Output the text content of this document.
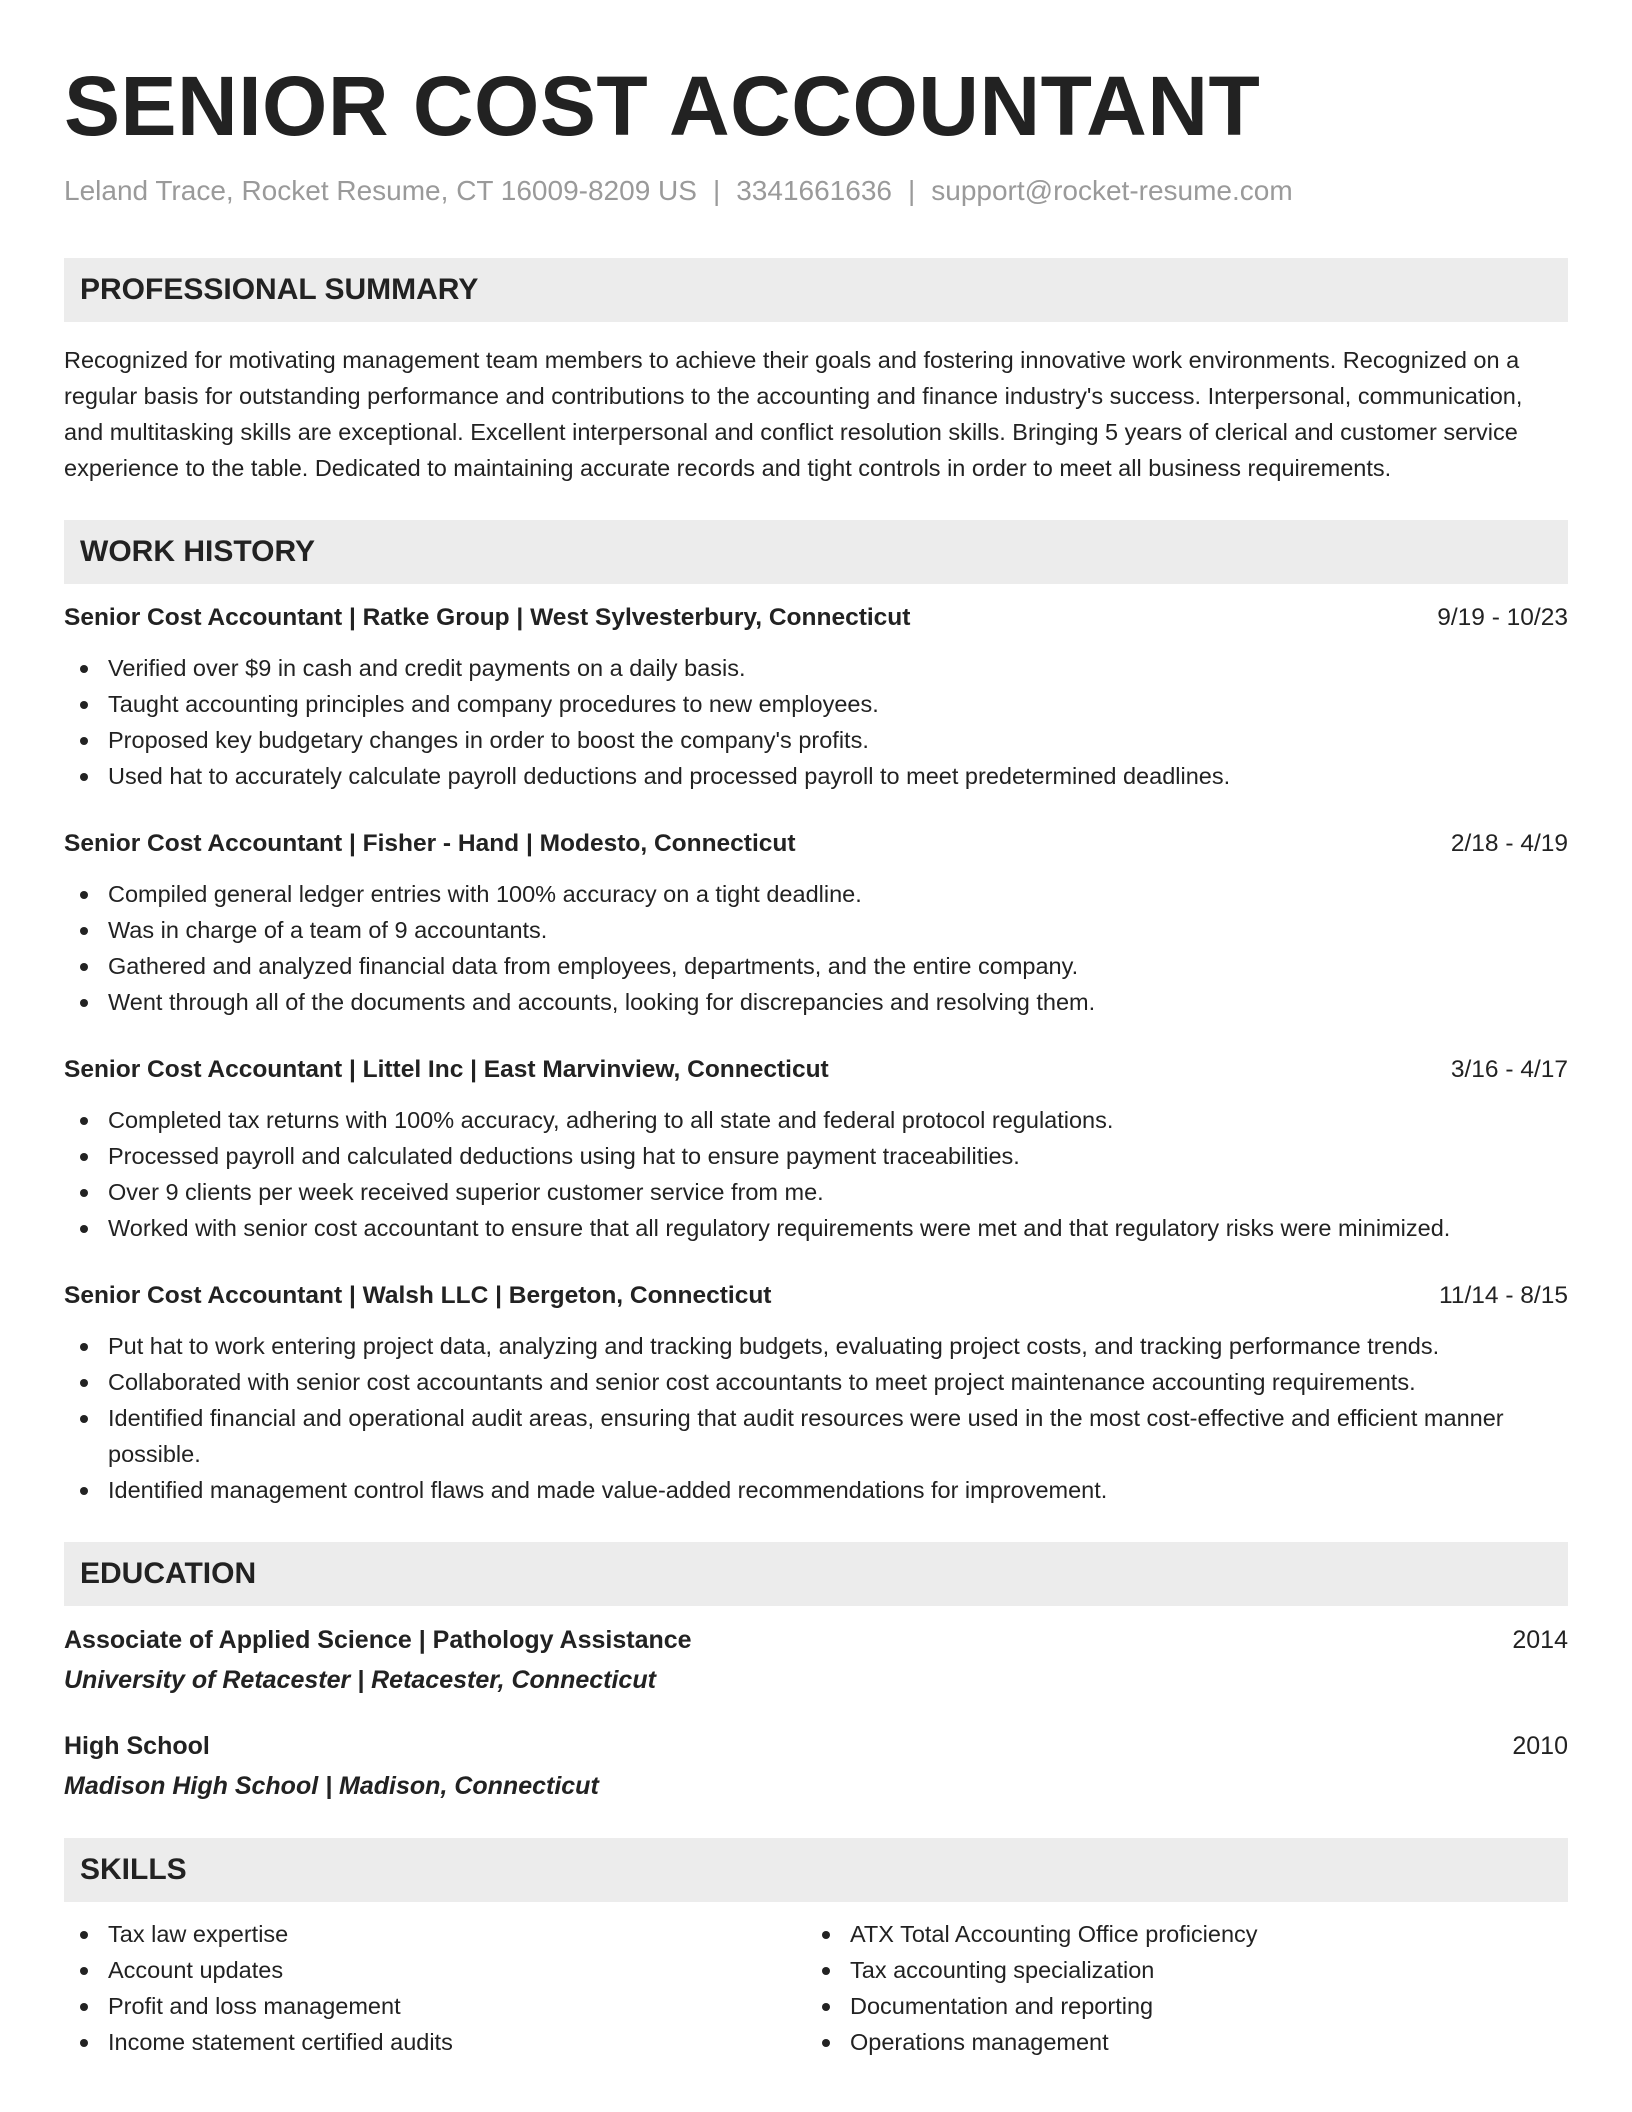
SENIOR COST ACCOUNTANT
Leland Trace, Rocket Resume, CT 16009-8209 US | 3341661636 | support@rocket-resume.com
PROFESSIONAL SUMMARY

Recognized for motivating management team members to achieve their goals and fostering innovative work environments. Recognized on a regular basis for outstanding performance and contributions to the accounting and finance industry's success. Interpersonal, communication, and multitasking skills are exceptional. Excellent interpersonal and conflict resolution skills. Bringing 5 years of clerical and customer service experience to the table. Dedicated to maintaining accurate records and tight controls in order to meet all business requirements.

WORK HISTORY
Senior Cost Accountant | Ratke Group | West Sylvesterbury, Connecticut	9/19 - 10/23
Verified over $9 in cash and credit payments on a daily basis.
Taught accounting principles and company procedures to new employees.
Proposed key budgetary changes in order to boost the company's profits.
Used hat to accurately calculate payroll deductions and processed payroll to meet predetermined deadlines.
Senior Cost Accountant | Fisher - Hand | Modesto, Connecticut	2/18 - 4/19
Compiled general ledger entries with 100% accuracy on a tight deadline.
Was in charge of a team of 9 accountants.
Gathered and analyzed financial data from employees, departments, and the entire company.
Went through all of the documents and accounts, looking for discrepancies and resolving them.
Senior Cost Accountant | Littel Inc | East Marvinview, Connecticut	3/16 - 4/17
Completed tax returns with 100% accuracy, adhering to all state and federal protocol regulations.
Processed payroll and calculated deductions using hat to ensure payment traceabilities.
Over 9 clients per week received superior customer service from me.
Worked with senior cost accountant to ensure that all regulatory requirements were met and that regulatory risks were minimized.
Senior Cost Accountant | Walsh LLC | Bergeton, Connecticut	11/14 - 8/15
Put hat to work entering project data, analyzing and tracking budgets, evaluating project costs, and tracking performance trends.
Collaborated with senior cost accountants and senior cost accountants to meet project maintenance accounting requirements.
Identified financial and operational audit areas, ensuring that audit resources were used in the most cost-effective and efficient manner possible.
Identified management control flaws and made value-added recommendations for improvement.
EDUCATION
Associate of Applied Science | Pathology Assistance	2014
University of Retacester | Retacester, Connecticut
High School	2010
Madison High School | Madison, Connecticut
SKILLS
Tax law expertise
Account updates
Profit and loss management
Income statement certified audits
ATX Total Accounting Office proficiency
Tax accounting specialization
Documentation and reporting
Operations management
